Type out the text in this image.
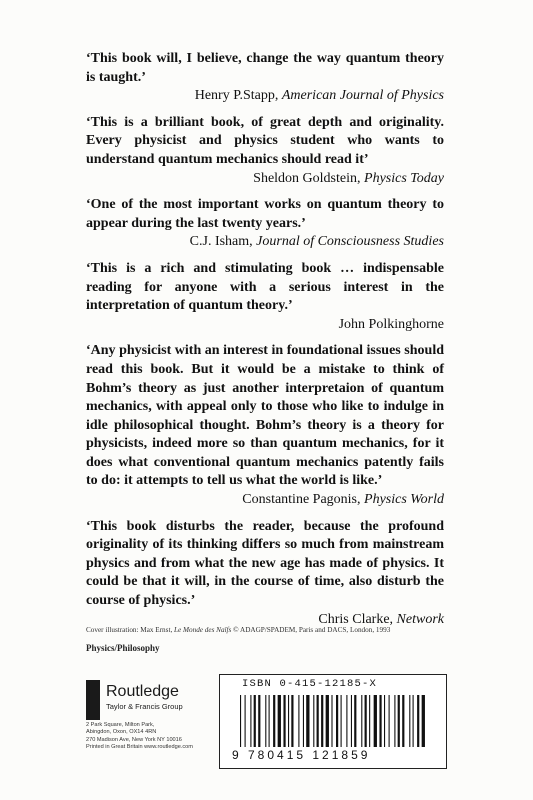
‘This book will, I believe, change the way quantum theory is taught.’

Henry P.Stapp, American Journal of Physics

‘This is a brilliant book, of great depth and originality. Every physicist and physics student who wants to understand quantum mechanics should read it’

Sheldon Goldstein, Physics Today

‘One of the most important works on quantum theory to appear during the last twenty years.’

C.J. Isham, Journal of Consciousness Studies

‘This is a rich and stimulating book … indispensable reading for anyone with a serious interest in the interpretation of quantum theory.’

John Polkinghorne

‘Any physicist with an interest in foundational issues should read this book. But it would be a mistake to think of Bohm’s theory as just another interpretaion of quantum mechanics, with appeal only to those who like to indulge in idle philosophical thought. Bohm’s theory is a theory for physicists, indeed more so than quantum mechanics, for it does what conventional quantum mechanics patently fails to do: it attempts to tell us what the world is like.’

Constantine Pagonis, Physics World

‘This book disturbs the reader, because the profound originality of its thinking differs so much from mainstream physics and from what the new age has made of physics. It could be that it will, in the course of time, also disturb the course of physics.’

Chris Clarke, Network

Cover illustration: Max Ernst, Le Monde des Naïfs © ADAGP/SPADEM, Paris and DACS, London, 1993
Physics/Philosophy
Routledge
Taylor & Francis Group
2 Park Square, Milton Park,
Abingdon, Oxon, OX14 4RN
270 Madison Ave, New York NY 10016
Printed in Great Britain www.routledge.com
ISBN 0-415-12185-X
9 780415 121859
